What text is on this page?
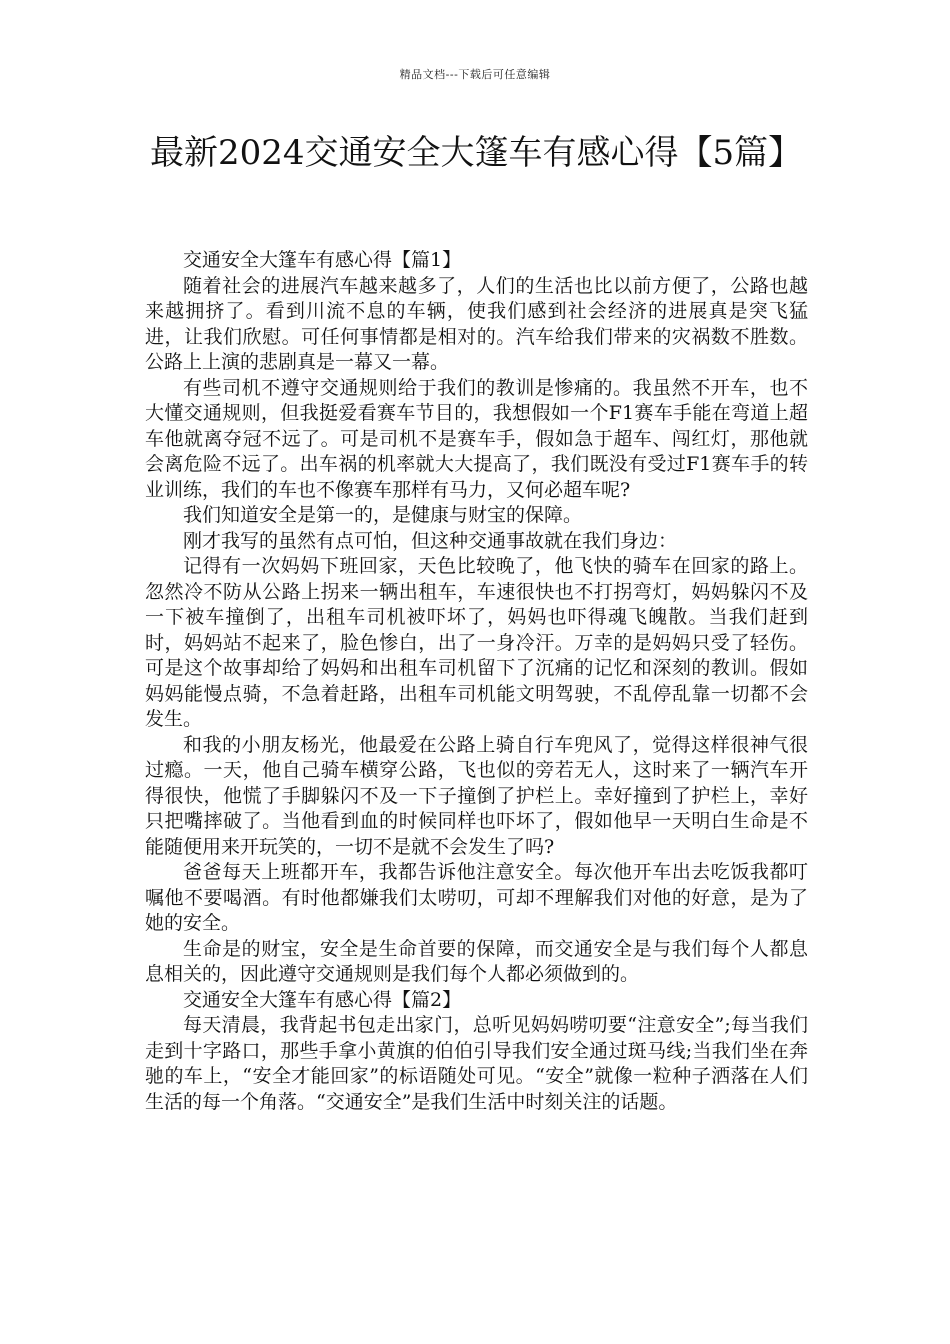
精品文档---下载后可任意编辑
最新2024交通安全大篷车有感心得【5篇】

交通安全大篷车有感心得【篇1】

随着社会的进展汽车越来越多了，人们的生活也比以前方便了，公路也越来越拥挤了。看到川流不息的车辆，使我们感到社会经济的进展真是突飞猛进，让我们欣慰。可任何事情都是相对的。汽车给我们带来的灾祸数不胜数。公路上上演的悲剧真是一幕又一幕。

有些司机不遵守交通规则给于我们的教训是惨痛的。我虽然不开车，也不大懂交通规则，但我挺爱看赛车节目的，我想假如一个F1赛车手能在弯道上超车他就离夺冠不远了。可是司机不是赛车手，假如急于超车、闯红灯，那他就会离危险不远了。出车祸的机率就大大提高了，我们既没有受过F1赛车手的转业训练，我们的车也不像赛车那样有马力，又何必超车呢?

我们知道安全是第一的，是健康与财宝的保障。

刚才我写的虽然有点可怕，但这种交通事故就在我们身边：

记得有一次妈妈下班回家，天色比较晚了，他飞快的骑车在回家的路上。忽然冷不防从公路上拐来一辆出租车，车速很快也不打拐弯灯，妈妈躲闪不及一下被车撞倒了，出租车司机被吓坏了，妈妈也吓得魂飞魄散。当我们赶到时，妈妈站不起来了，脸色惨白，出了一身冷汗。万幸的是妈妈只受了轻伤。可是这个故事却给了妈妈和出租车司机留下了沉痛的记忆和深刻的教训。假如妈妈能慢点骑，不急着赶路，出租车司机能文明驾驶，不乱停乱靠一切都不会发生。

和我的小朋友杨光，他最爱在公路上骑自行车兜风了，觉得这样很神气很过瘾。一天，他自己骑车横穿公路，飞也似的旁若无人，这时来了一辆汽车开得很快，他慌了手脚躲闪不及一下子撞倒了护栏上。幸好撞到了护栏上，幸好只把嘴摔破了。当他看到血的时候同样也吓坏了，假如他早一天明白生命是不能随便用来开玩笑的，一切不是就不会发生了吗?

爸爸每天上班都开车，我都告诉他注意安全。每次他开车出去吃饭我都叮嘱他不要喝酒。有时他都嫌我们太唠叨，可却不理解我们对他的好意，是为了她的安全。

生命是的财宝，安全是生命首要的保障，而交通安全是与我们每个人都息息相关的，因此遵守交通规则是我们每个人都必须做到的。

交通安全大篷车有感心得【篇2】

每天清晨，我背起书包走出家门，总听见妈妈唠叨要“注意安全”;每当我们走到十字路口，那些手拿小黄旗的伯伯引导我们安全通过斑马线;当我们坐在奔驰的车上，“安全才能回家”的标语随处可见。“安全”就像一粒种子洒落在人们生活的每一个角落。“交通安全”是我们生活中时刻关注的话题。
